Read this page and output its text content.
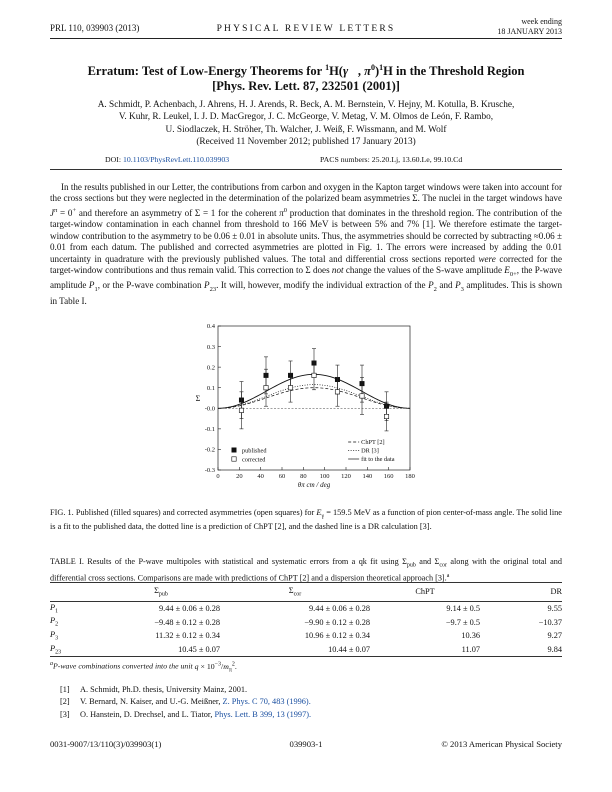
PRL 110, 039903 (2013)	PHYSICAL REVIEW LETTERS
week ending
18 JANUARY 2013
Erratum: Test of Low-Energy Theorems for $^1$H(γ⃗, $\pi^0)^1H$ in the Threshold Region
[Phys. Rev. Lett. 87, 232501 (2001)]
A. Schmidt, P. Achenbach, J. Ahrens, H. J. Arends, R. Beck, A. M. Bernstein, V. Hejny, M. Kotulla, B. Krusche,
V. Kuhr, R. Leukel, I. J. D. MacGregor, J. C. McGeorge, V. Metag, V. M. Olmos de León, F. Rambo,
U. Siodlaczek, H. Ströher, Th. Walcher, J. Weiß, F. Wissmann, and M. Wolf
(Received 11 November 2012; published 17 January 2013)
DOI: 10.1103/PhysRevLett.110.039903	PACS numbers: 25.20.Lj, 13.60.Le, 99.10.Cd
In the results published in our Letter, the contributions from carbon and oxygen in the Kapton target windows were taken into account for the cross sections but they were neglected in the determination of the polarized beam asymmetries Σ. The nuclei in the target windows have $J^\pi = 0^+$ and therefore an asymmetry of Σ = 1 for the coherent $\pi^0$ production that dominates in the threshold region. The contribution of the target-window contamination in each channel from threshold to 166 MeV is between 5% and 7% [1]. We therefore estimate the target-window contribution to the asymmetry to be 0.06 ± 0.01 in absolute units. Thus, the asymmetries should be corrected by subtracting ≈0.06 ± 0.01 from each datum. The published and corrected asymmetries are plotted in Fig. 1. The errors were increased by adding the 0.01 uncertainty in quadrature with the previously published values. The total and differential cross sections reported were corrected for the target-window contributions and thus remain valid. This correction to Σ does not change the values of the S-wave amplitude $E_{0+}$, the P-wave amplitude $P_1$, or the P-wave combination $P_{23}$. It will, however, modify the individual extraction of the $P_2$ and $P_3$ amplitudes. This is shown in Table I.
0	20 40 60 80 100 120 140 160 180
-0.3
-0.2
-0.1
-0.0
0.1
0.2
0.3
0.4
θπ cm / deg
Σ
published
corrected
ChPT [2]
DR [3]
fit to the data
FIG. 1. Published (filled squares) and corrected asymmetries (open squares) for $E_\gamma = 159.5$ MeV as a function of pion center-of-mass angle. The solid line is a fit to the published data, the dotted line is a prediction of ChPT [2], and the dashed line is a DR calculation [3].
TABLE I. Results of the P-wave multipoles with statistical and systematic errors from a qk fit using $\Sigma_{pub}$ and $\Sigma_{cor}$ along with the original total and differential cross sections. Comparisons are made with predictions of ChPT [2] and a dispersion theoretical approach [3].$^a$
	$\Sigma_{pub}$	$\Sigma_{cor}$	ChPT	DR
$P_1$	9.44 ± 0.06 ± 0.28	9.44 ± 0.06 ± 0.28	9.14 ± 0.5	9.55
$P_2$	−9.48 ± 0.12 ± 0.28	−9.90 ± 0.12 ± 0.28	−9.7 ± 0.5	−10.37
$P_3$	11.32 ± 0.12 ± 0.34	10.96 ± 0.12 ± 0.34	10.36	9.27
$P_{23}$	10.45 ± 0.07	10.44 ± 0.07	11.07	9.84
$^a$P-wave combinations converted into the unit $q \times 10^{-3}/m_\pi^2$.
[1] A. Schmidt, Ph.D. thesis, University Mainz, 2001.
[2] V. Bernard, N. Kaiser, and U.-G. Meißner, Z. Phys. C 70, 483 (1996).
[3] O. Hanstein, D. Drechsel, and L. Tiator, Phys. Lett. B 399, 13 (1997).
0031-9007/13/110(3)/039903(1)	039903-1	© 2013 American Physical Society
